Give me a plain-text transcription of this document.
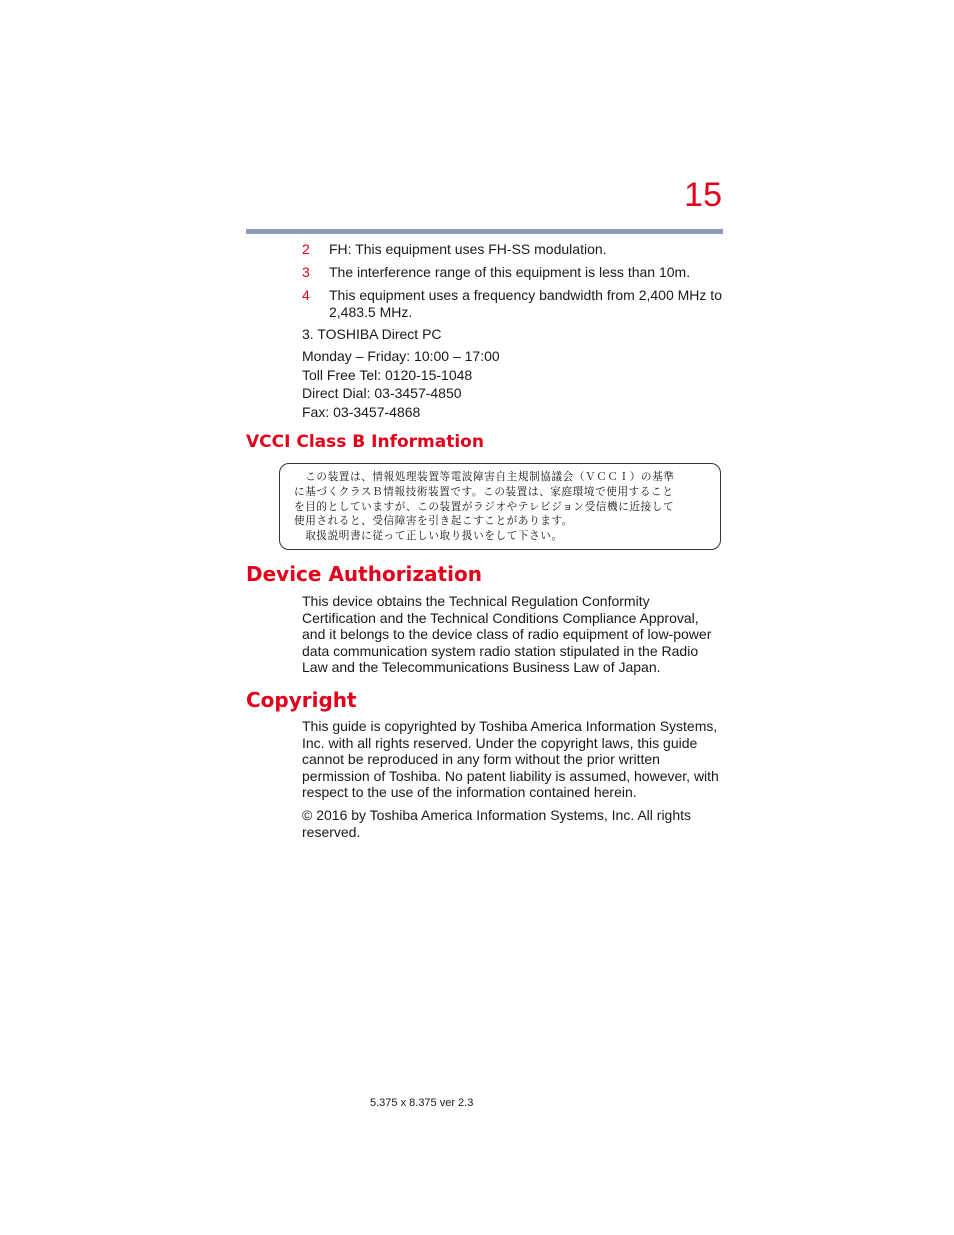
15
2	FH: This equipment uses FH-SS modulation.
3	The interference range of this equipment is less than 10m.
4	This equipment uses a frequency bandwidth from 2,400 MHz to 2,483.5 MHz.

3. TOSHIBA Direct PC

Monday – Friday: 10:00 – 17:00
Toll Free Tel: 0120-15-1048
Direct Dial: 03-3457-4850
Fax: 03-3457-4868
VCCI Class B Information
　この装置は、情報処理装置等電波障害自主規制協議会（ＶＣＣＩ）の基準
に基づくクラスＢ情報技術装置です。この装置は、家庭環境で使用すること
を目的としていますが、この装置がラジオやテレビジョン受信機に近接して
使用されると、受信障害を引き起こすことがあります。
　取扱説明書に従って正しい取り扱いをして下さい。
Device Authorization

This device obtains the Technical Regulation Conformity Certification and the Technical Conditions Compliance Approval, and it belongs to the device class of radio equipment of low-power data communication system radio station stipulated in the Radio Law and the Telecommunications Business Law of Japan.

Copyright

This guide is copyrighted by Toshiba America Information Systems, Inc. with all rights reserved. Under the copyright laws, this guide cannot be reproduced in any form without the prior written permission of Toshiba. No patent liability is assumed, however, with respect to the use of the information contained herein.

© 2016 by Toshiba America Information Systems, Inc. All rights reserved.

5.375 x 8.375 ver 2.3
